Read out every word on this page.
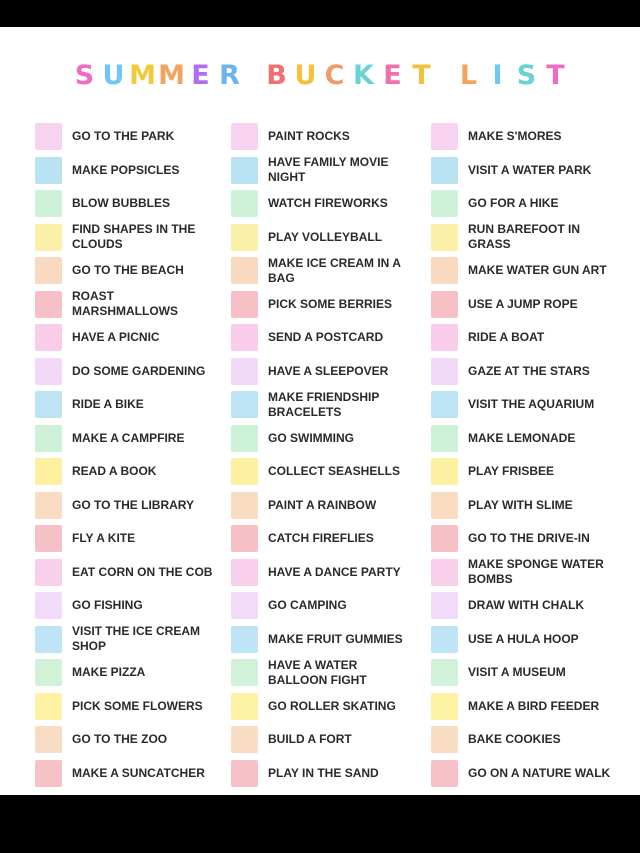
S U MM E R B U C K E T L I S T
GO TO THE PARK
MAKE POPSICLES
BLOW BUBBLES
FIND SHAPES IN THE CLOUDS
GO TO THE BEACH
ROAST MARSHMALLOWS
HAVE A PICNIC
DO SOME GARDENING
RIDE A BIKE
MAKE A CAMPFIRE
READ A BOOK
GO TO THE LIBRARY
FLY A KITE
EAT CORN ON THE COB
GO FISHING
VISIT THE ICE CREAM SHOP
MAKE PIZZA
PICK SOME FLOWERS
GO TO THE ZOO
MAKE A SUNCATCHER
PAINT ROCKS
HAVE FAMILY MOVIE NIGHT
WATCH FIREWORKS
PLAY VOLLEYBALL
MAKE ICE CREAM IN A BAG
PICK SOME BERRIES
SEND A POSTCARD
HAVE A SLEEPOVER
MAKE FRIENDSHIP BRACELETS
GO SWIMMING
COLLECT SEASHELLS
PAINT A RAINBOW
CATCH FIREFLIES
HAVE A DANCE PARTY
GO CAMPING
MAKE FRUIT GUMMIES
HAVE A WATER BALLOON FIGHT
GO ROLLER SKATING
BUILD A FORT
PLAY IN THE SAND
MAKE S'MORES
VISIT A WATER PARK
GO FOR A HIKE
RUN BAREFOOT IN GRASS
MAKE WATER GUN ART
USE A JUMP ROPE
RIDE A BOAT
GAZE AT THE STARS
VISIT THE AQUARIUM
MAKE LEMONADE
PLAY FRISBEE
PLAY WITH SLIME
GO TO THE DRIVE-IN
MAKE SPONGE WATER BOMBS
DRAW WITH CHALK
USE A HULA HOOP
VISIT A MUSEUM
MAKE A BIRD FEEDER
BAKE COOKIES
GO ON A NATURE WALK
